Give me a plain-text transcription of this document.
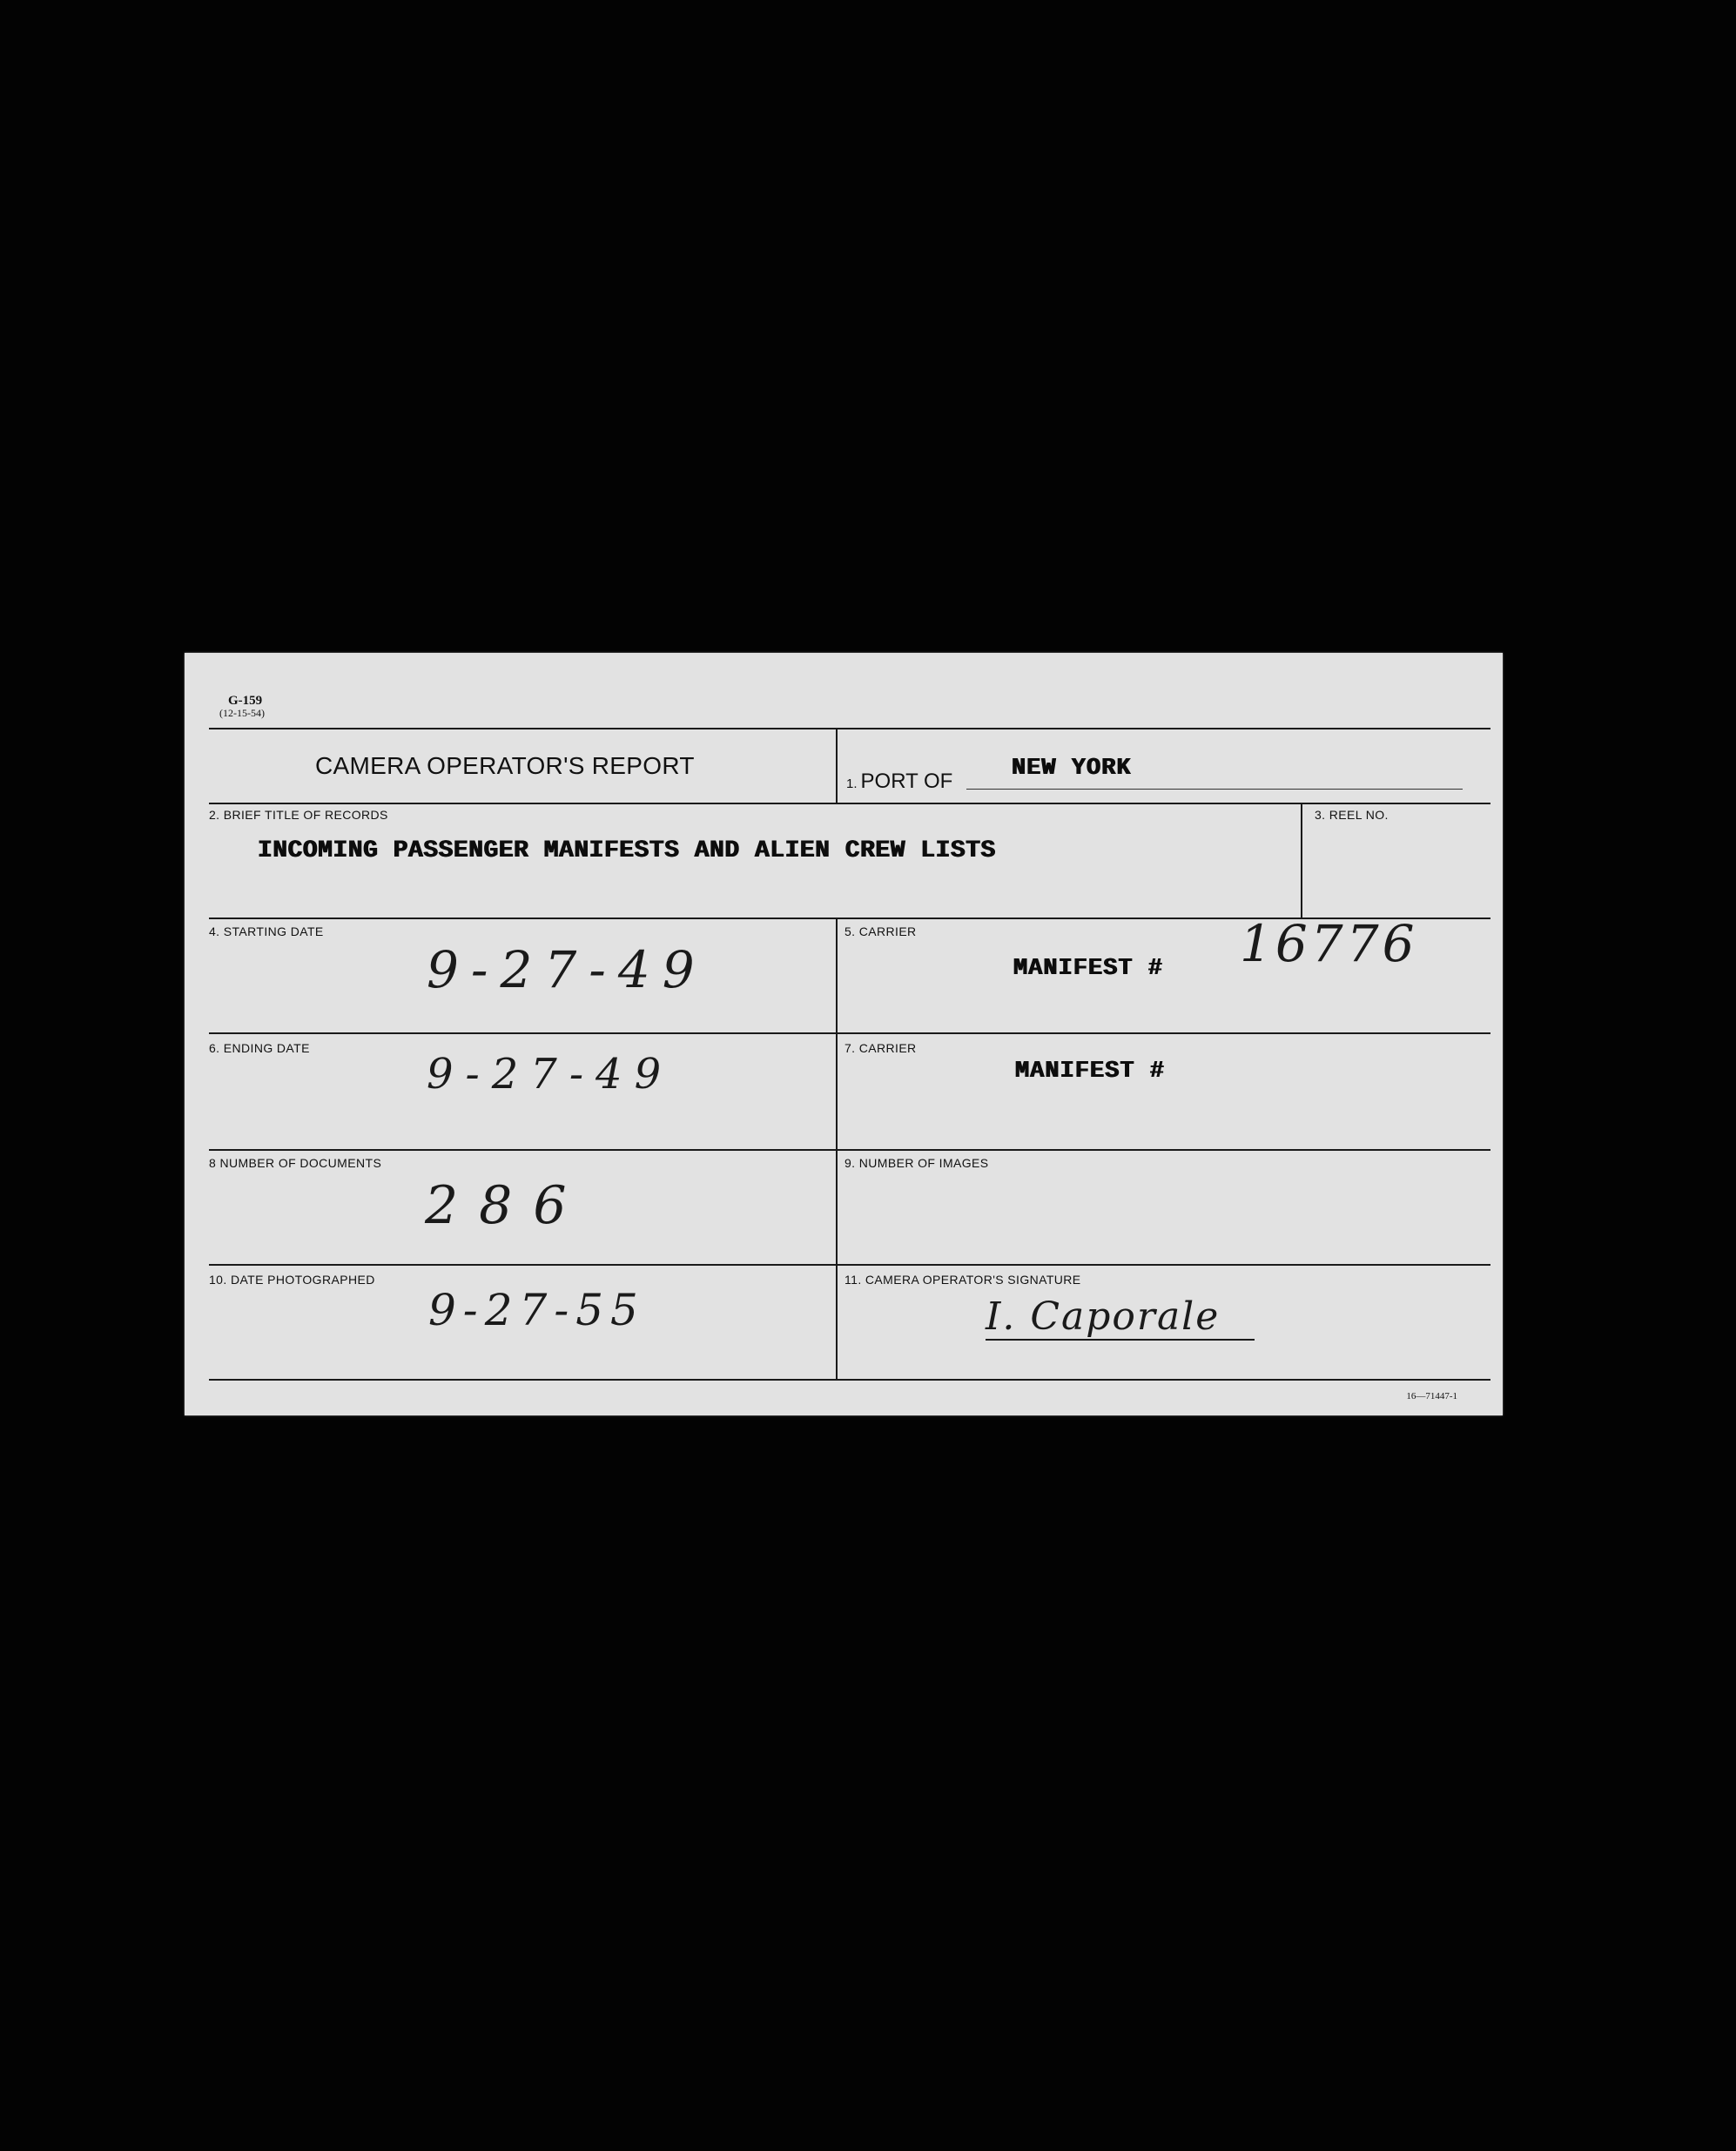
G-159
(12-15-54)
CAMERA OPERATOR'S REPORT
1. PORT OF	NEW YORK
2. BRIEF TITLE OF RECORDS
INCOMING PASSENGER MANIFESTS AND ALIEN CREW LISTS
3. REEL NO.
4. STARTING DATE
9-27-49
5. CARRIER
MANIFEST # 16776
6. ENDING DATE
9-27-49
7. CARRIER
MANIFEST #
8 NUMBER OF DOCUMENTS
286
9. NUMBER OF IMAGES
10. DATE PHOTOGRAPHED
9-27-55
11. CAMERA OPERATOR'S SIGNATURE
I. Caporale
16—71447-1
